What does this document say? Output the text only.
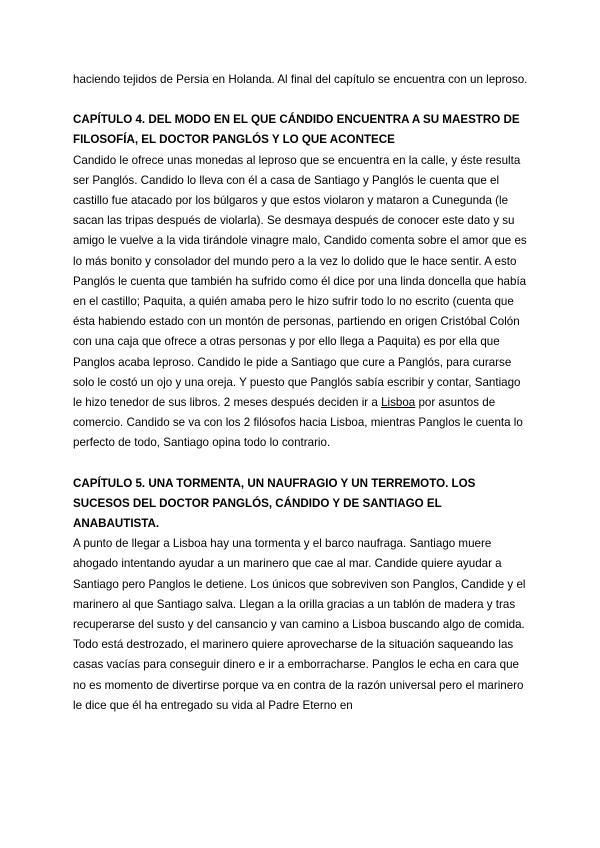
haciendo tejidos de Persia en Holanda. Al final del capítulo se encuentra con un leproso.

CAPÍTULO 4. DEL MODO EN EL QUE CÁNDIDO ENCUENTRA A SU MAESTRO DE FILOSOFÍA, EL DOCTOR PANGLÓS Y LO QUE ACONTECE

Candido le ofrece unas monedas al leproso que se encuentra en la calle, y éste resulta ser Panglós. Candido lo lleva con él a casa de Santiago y Panglós le cuenta que el castillo fue atacado por los búlgaros y que estos violaron y mataron a Cunegunda (le sacan las tripas después de violarla). Se desmaya después de conocer este dato y su amigo le vuelve a la vida tirándole vinagre malo, Candido comenta sobre el amor que es lo más bonito y consolador del mundo pero a la vez lo dolido que le hace sentir. A esto Panglós le cuenta que también ha sufrido como él dice por una linda doncella que había en el castillo; Paquita, a quién amaba pero le hizo sufrir todo lo no escrito (cuenta que ésta habiendo estado con un montón de personas, partiendo en origen Cristóbal Colón con una caja que ofrece a otras personas y por ello llega a Paquita) es por ella que Panglos acaba leproso. Candido le pide a Santiago que cure a Panglós, para curarse solo le costó un ojo y una oreja. Y puesto que Panglós sabía escribir y contar, Santiago le hizo tenedor de sus libros. 2 meses después deciden ir a Lisboa por asuntos de comercio. Candido se va con los 2 filósofos hacia Lisboa, mientras Panglos le cuenta lo perfecto de todo, Santiago opina todo lo contrario.

CAPÍTULO 5. UNA TORMENTA, UN NAUFRAGIO Y UN TERREMOTO. LOS SUCESOS DEL DOCTOR PANGLÓS, CÁNDIDO Y DE SANTIAGO EL ANABAUTISTA.

A punto de llegar a Lisboa hay una tormenta y el barco naufraga. Santiago muere ahogado intentando ayudar a un marinero que cae al mar. Candide quiere ayudar a Santiago pero Panglos le detiene. Los únicos que sobreviven son Panglos, Candide y el marinero al que Santiago salva. Llegan a la orilla gracias a un tablón de madera y tras recuperarse del susto y del cansancio y van camino a Lisboa buscando algo de comida. Todo está destrozado, el marinero quiere aprovecharse de la situación saqueando las casas vacías para conseguir dinero e ir a emborracharse. Panglos le echa en cara que no es momento de divertirse porque va en contra de la razón universal pero el marinero le dice que él ha entregado su vida al Padre Eterno en
